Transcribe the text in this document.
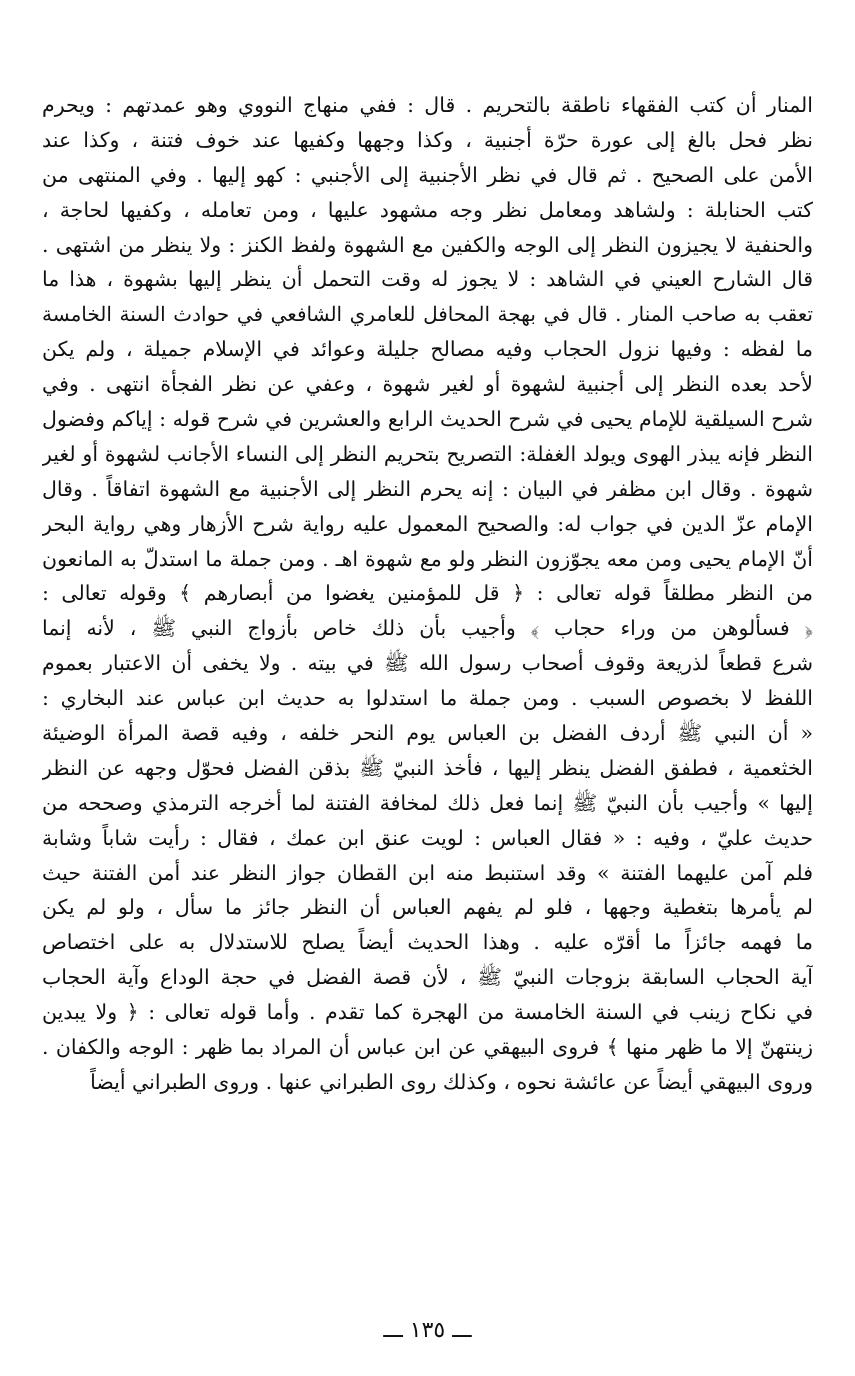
المنار أن كتب الفقهاء ناطقة بالتحريم . قال : ففي منهاج النووي وهو عمدتهم : ويحرم
نظر فحل بالغ إلى عورة حرّة أجنبية ، وكذا وجهها وكفيها عند خوف فتنة ، وكذا عند
الأمن على الصحيح . ثم قال في نظر الأجنبية إلى الأجنبي : كهو إليها . وفي المنتهى من
كتب الحنابلة : ولشاهد ومعامل نظر وجه مشهود عليها ، ومن تعامله ، وكفيها لحاجة ،
والحنفية لا يجيزون النظر إلى الوجه والكفين مع الشهوة ولفظ الكنز : ولا ينظر من اشتهى .
قال الشارح العيني في الشاهد : لا يجوز له وقت التحمل أن ينظر إليها بشهوة ، هذا ما
تعقب به صاحب المنار . قال في بهجة المحافل للعامري الشافعي في حوادث السنة الخامسة
ما لفظه : وفيها نزول الحجاب وفيه مصالح جليلة وعوائد في الإسلام جميلة ، ولم يكن
لأحد بعده النظر إلى أجنبية لشهوة أو لغير شهوة ، وعفي عن نظر الفجأة انتهى . وفي
شرح السيلقية للإمام يحيى في شرح الحديث الرابع والعشرين في شرح قوله : إياكم وفضول
النظر فإنه يبذر الهوى ويولد الغفلة: التصريح بتحريم النظر إلى النساء الأجانب لشهوة أو لغير
شهوة . وقال ابن مظفر في البيان : إنه يحرم النظر إلى الأجنبية مع الشهوة اتفاقاً . وقال
الإمام عزّ الدين في جواب له: والصحيح المعمول عليه رواية شرح الأزهار وهي رواية البحر
أنّ الإمام يحيى ومن معه يجوّزون النظر ولو مع شهوة اهـ . ومن جملة ما استدلّ به المانعون
من النظر مطلقاً قوله تعالى : ﴿ قل للمؤمنين يغضوا من أبصارهم ﴾ وقوله تعالى :
﴿ فسألوهن من وراء حجاب ﴾ وأجيب بأن ذلك خاص بأزواج النبي ﷺ ، لأنه إنما
شرع قطعاً لذريعة وقوف أصحاب رسول الله ﷺ في بيته . ولا يخفى أن الاعتبار بعموم
اللفظ لا بخصوص السبب . ومن جملة ما استدلوا به حديث ابن عباس عند البخاري :
« أن النبي ﷺ أردف الفضل بن العباس يوم النحر خلفه ، وفيه قصة المرأة الوضيئة
الخثعمية ، فطفق الفضل ينظر إليها ، فأخذ النبيّ ﷺ بذقن الفضل فحوّل وجهه عن النظر
إليها » وأجيب بأن النبيّ ﷺ إنما فعل ذلك لمخافة الفتنة لما أخرجه الترمذي وصححه من
حديث عليّ ، وفيه : « فقال العباس : لويت عنق ابن عمك ، فقال : رأيت شاباً وشابة
فلم آمن عليهما الفتنة » وقد استنبط منه ابن القطان جواز النظر عند أمن الفتنة حيث
لم يأمرها بتغطية وجهها ، فلو لم يفهم العباس أن النظر جائز ما سأل ، ولو لم يكن
ما فهمه جائزاً ما أقرّه عليه . وهذا الحديث أيضاً يصلح للاستدلال به على اختصاص
آية الحجاب السابقة بزوجات النبيّ ﷺ ، لأن قصة الفضل في حجة الوداع وآية الحجاب
في نكاح زينب في السنة الخامسة من الهجرة كما تقدم . وأما قوله تعالى : ﴿ ولا يبدين
زينتهنّ إلا ما ظهر منها ﴾ فروى البيهقي عن ابن عباس أن المراد بما ظهر : الوجه والكفان .
وروى البيهقي أيضاً عن عائشة نحوه ، وكذلك روى الطبراني عنها . وروى الطبراني أيضاً
ـــ ١٣٥ ـــ
